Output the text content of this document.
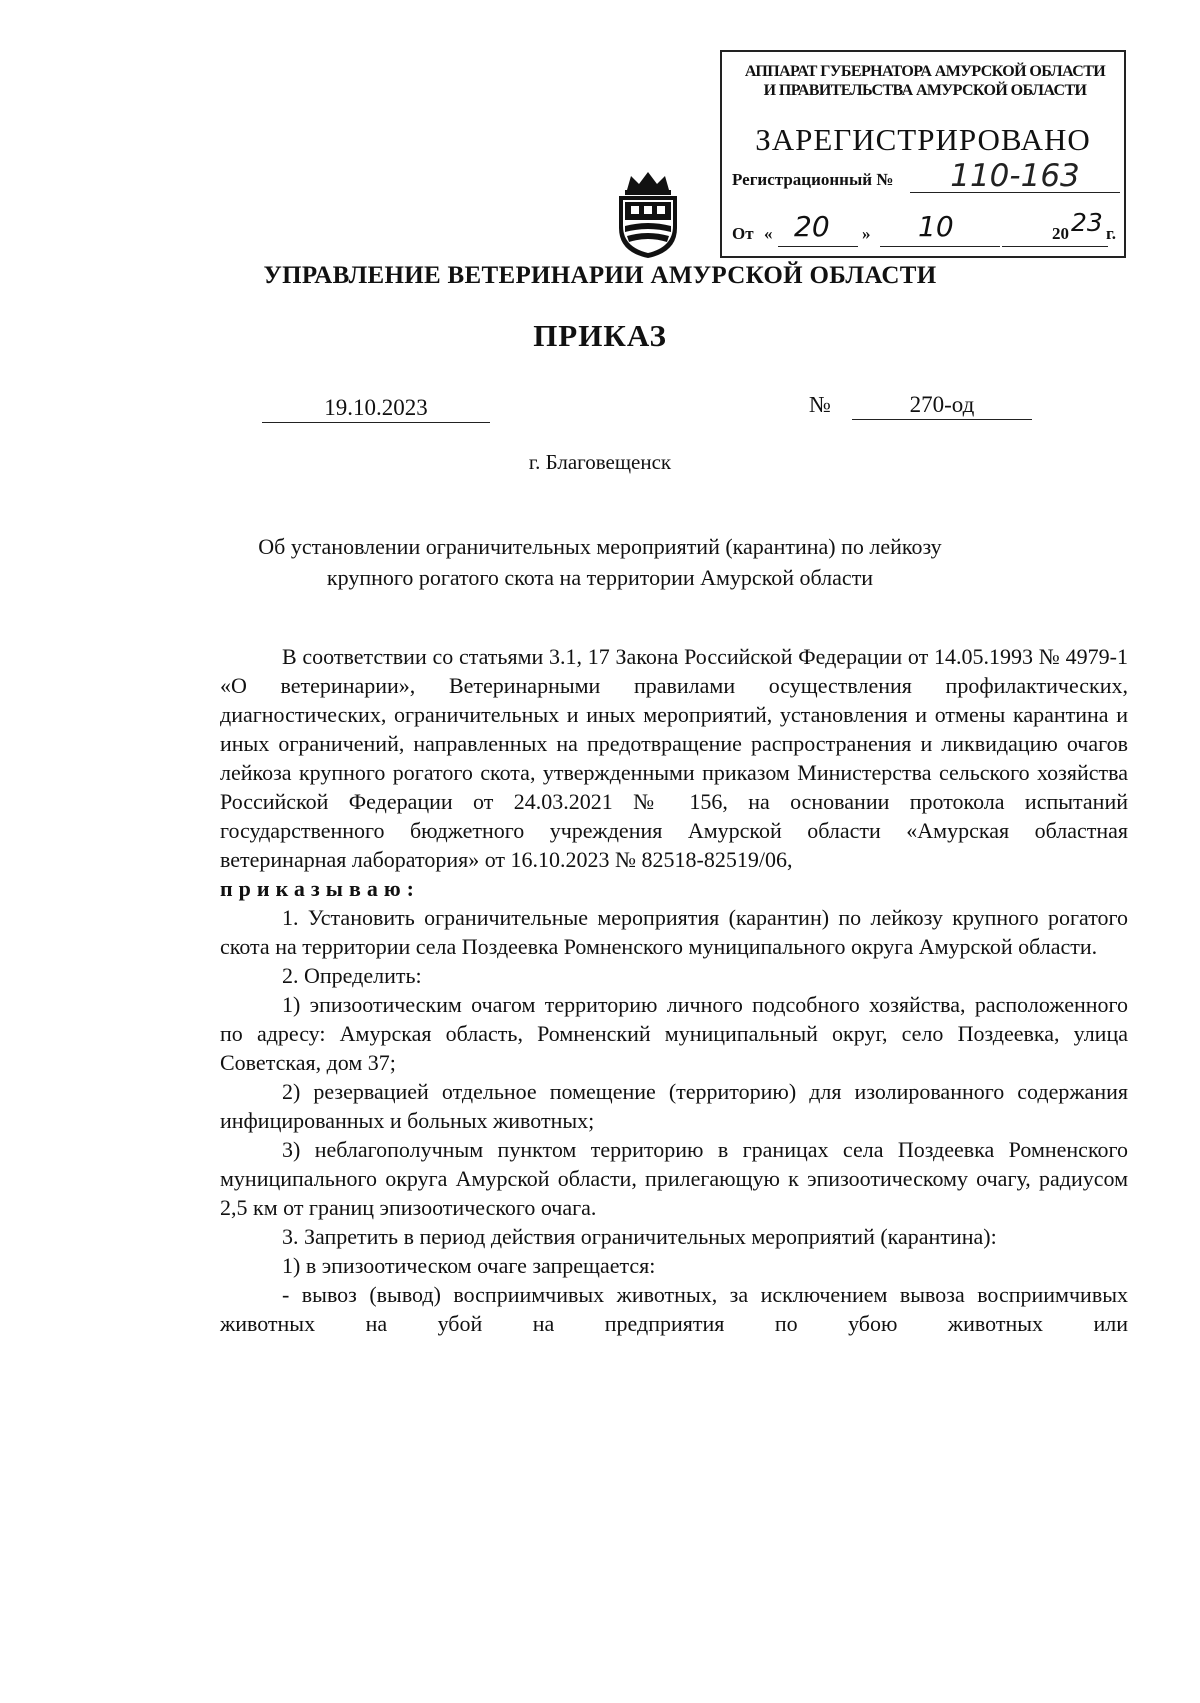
АППАРАТ ГУБЕРНАТОРА АМУРСКОЙ ОБЛАСТИ
И ПРАВИТЕЛЬСТВА АМУРСКОЙ ОБЛАСТИ
ЗАРЕГИСТРИРОВАНО
Регистрационный №	110-163
От « 20 » 10	20 23 г.
УПРАВЛЕНИЕ ВЕТЕРИНАРИИ АМУРСКОЙ ОБЛАСТИ
ПРИКАЗ
19.10.2023	№	270-од
г. Благовещенск
Об установлении ограничительных мероприятий (карантина) по лейкозу
крупного рогатого скота на территории Амурской области

В соответствии со статьями 3.1, 17 Закона Российской Федерации от 14.05.1993 № 4979-1 «О ветеринарии», Ветеринарными правилами осуществления профилактических, диагностических, ограничительных и иных мероприятий, установления и отмены карантина и иных ограничений, направленных на предотвращение распространения и ликвидацию очагов лейкоза крупного рогатого скота, утвержденными приказом Министерства сельского хозяйства Российской Федерации от 24.03.2021 № 156, на основании протокола испытаний государственного бюджетного учреждения Амурской области «Амурская областная ветеринарная лаборатория» от 16.10.2023 № 82518-82519/06,

приказываю:

1. Установить ограничительные мероприятия (карантин) по лейкозу крупного рогатого скота на территории села Поздеевка Ромненского муниципального округа Амурской области.

2. Определить:

1) эпизоотическим очагом территорию личного подсобного хозяйства, расположенного по адресу: Амурская область, Ромненский муниципальный округ, село Поздеевка, улица Советская, дом 37;

2) резервацией отдельное помещение (территорию) для изолированного содержания инфицированных и больных животных;

3) неблагополучным пунктом территорию в границах села Поздеевка Ромненского муниципального округа Амурской области, прилегающую к эпизоотическому очагу, радиусом 2,5 км от границ эпизоотического очага.

3. Запретить в период действия ограничительных мероприятий (карантина):

1) в эпизоотическом очаге запрещается:

- вывоз (вывод) восприимчивых животных, за исключением вывоза восприимчивых животных на убой на предприятия по убою животных или
